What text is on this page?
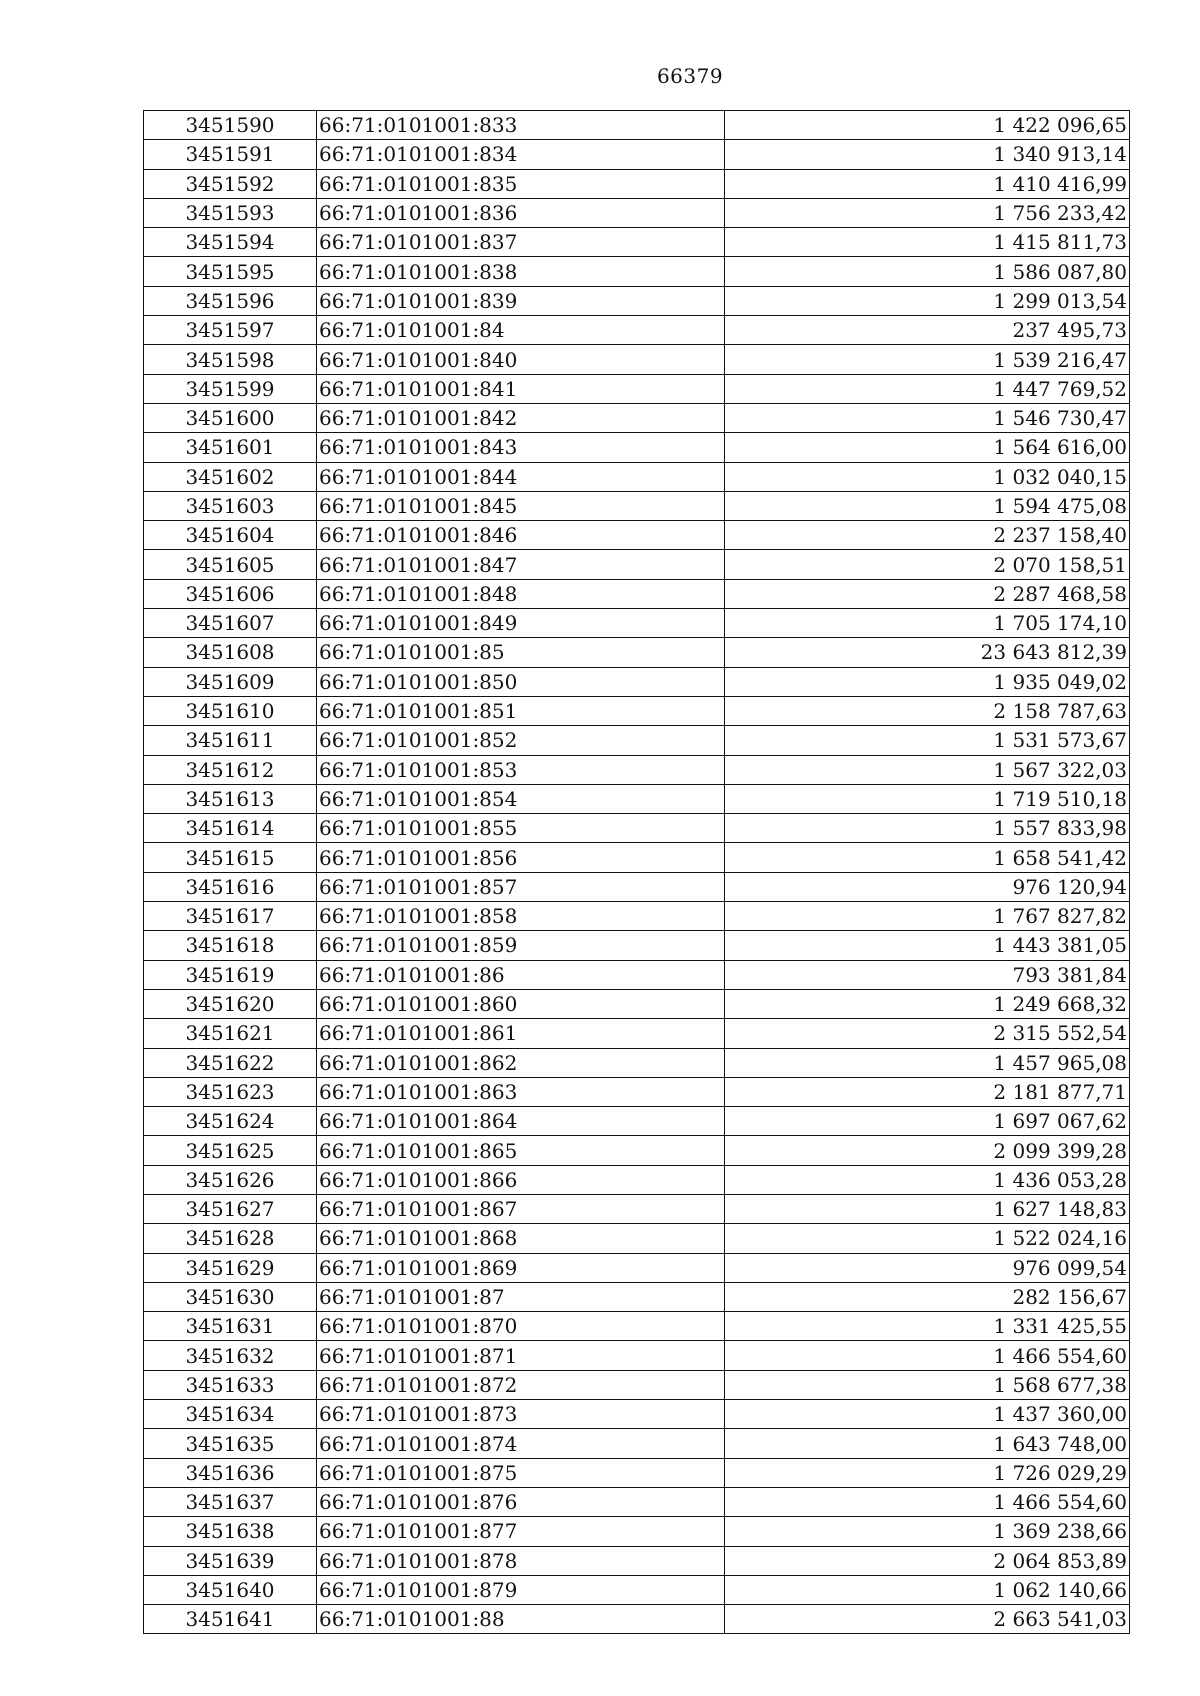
66379
3451590	66:71:0101001:833	1 422 096,65
3451591	66:71:0101001:834	1 340 913,14
3451592	66:71:0101001:835	1 410 416,99
3451593	66:71:0101001:836	1 756 233,42
3451594	66:71:0101001:837	1 415 811,73
3451595	66:71:0101001:838	1 586 087,80
3451596	66:71:0101001:839	1 299 013,54
3451597	66:71:0101001:84	237 495,73
3451598	66:71:0101001:840	1 539 216,47
3451599	66:71:0101001:841	1 447 769,52
3451600	66:71:0101001:842	1 546 730,47
3451601	66:71:0101001:843	1 564 616,00
3451602	66:71:0101001:844	1 032 040,15
3451603	66:71:0101001:845	1 594 475,08
3451604	66:71:0101001:846	2 237 158,40
3451605	66:71:0101001:847	2 070 158,51
3451606	66:71:0101001:848	2 287 468,58
3451607	66:71:0101001:849	1 705 174,10
3451608	66:71:0101001:85	23 643 812,39
3451609	66:71:0101001:850	1 935 049,02
3451610	66:71:0101001:851	2 158 787,63
3451611	66:71:0101001:852	1 531 573,67
3451612	66:71:0101001:853	1 567 322,03
3451613	66:71:0101001:854	1 719 510,18
3451614	66:71:0101001:855	1 557 833,98
3451615	66:71:0101001:856	1 658 541,42
3451616	66:71:0101001:857	976 120,94
3451617	66:71:0101001:858	1 767 827,82
3451618	66:71:0101001:859	1 443 381,05
3451619	66:71:0101001:86	793 381,84
3451620	66:71:0101001:860	1 249 668,32
3451621	66:71:0101001:861	2 315 552,54
3451622	66:71:0101001:862	1 457 965,08
3451623	66:71:0101001:863	2 181 877,71
3451624	66:71:0101001:864	1 697 067,62
3451625	66:71:0101001:865	2 099 399,28
3451626	66:71:0101001:866	1 436 053,28
3451627	66:71:0101001:867	1 627 148,83
3451628	66:71:0101001:868	1 522 024,16
3451629	66:71:0101001:869	976 099,54
3451630	66:71:0101001:87	282 156,67
3451631	66:71:0101001:870	1 331 425,55
3451632	66:71:0101001:871	1 466 554,60
3451633	66:71:0101001:872	1 568 677,38
3451634	66:71:0101001:873	1 437 360,00
3451635	66:71:0101001:874	1 643 748,00
3451636	66:71:0101001:875	1 726 029,29
3451637	66:71:0101001:876	1 466 554,60
3451638	66:71:0101001:877	1 369 238,66
3451639	66:71:0101001:878	2 064 853,89
3451640	66:71:0101001:879	1 062 140,66
3451641	66:71:0101001:88	2 663 541,03
